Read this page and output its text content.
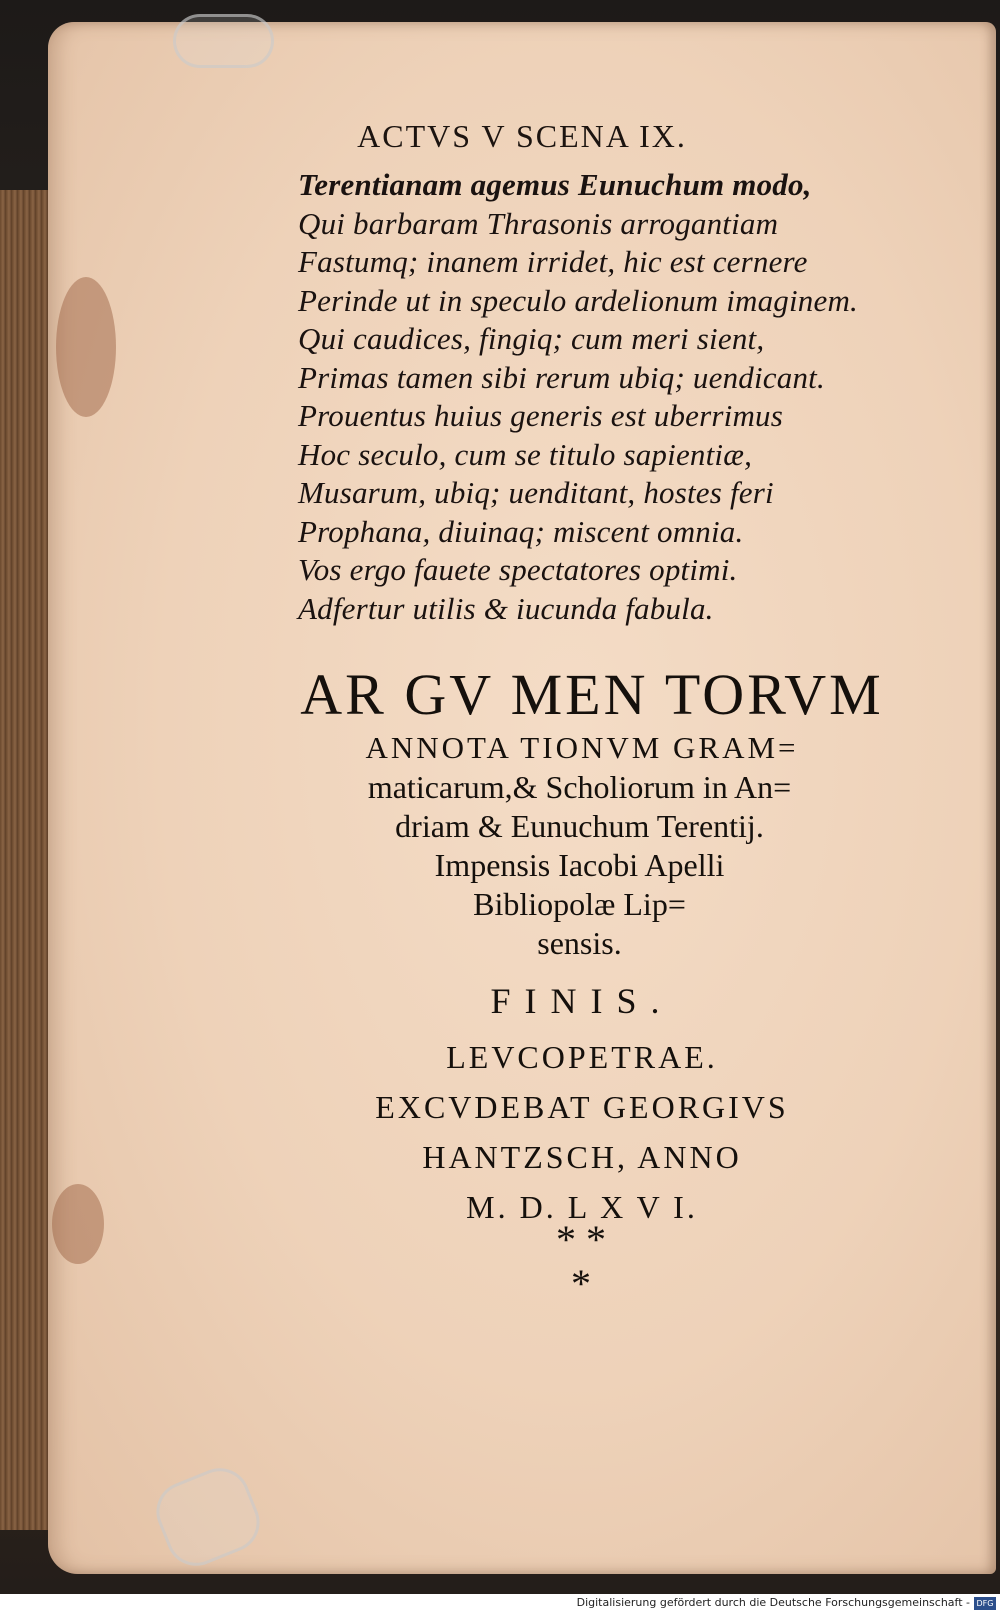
ACTVS V SCENA IX.
Terentianam agemus Eunuchum modo,
Qui barbaram Thrasonis arrogantiam
Fastumq; inanem irridet, hic est cernere
Perinde ut in speculo ardelionum imaginem.
Qui caudices, fingiq; cum meri sient,
Primas tamen sibi rerum ubiq; uendicant.
Prouentus huius generis est uberrimus
Hoc seculo, cum se titulo sapientiæ,
Musarum, ubiq; uenditant, hostes feri
Prophana, diuinaq; miscent omnia.
Vos ergo fauete spectatores optimi.
Adfertur utilis & iucunda fabula.
AR GV MEN TORVM
ANNOTA TIONVM GRAM=
maticarum,& Scholiorum in An=
driam & Eunuchum Terentij.
Impensis Iacobi Apelli
Bibliopolæ Lip=
sensis.
FINIS.
LEVCOPETRAE.
EXCVDEBAT GEORGIVS
HANTZSCH, ANNO
M. D. L X V I.
* *
*
Digitalisierung gefördert durch die Deutsche Forschungsgemeinschaft - DFG
